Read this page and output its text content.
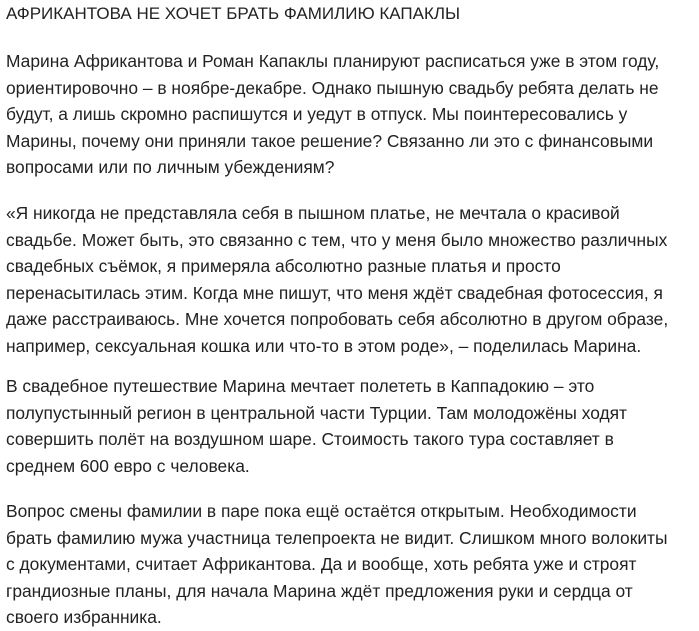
АФРИКАНТОВА НЕ ХОЧЕТ БРАТЬ ФАМИЛИЮ КАПАКЛЫ

Марина Африкантова и Роман Капаклы планируют расписаться уже в этом году,
ориентировочно – в ноябре-декабре. Однако пышную свадьбу ребята делать не
будут, а лишь скромно распишутся и уедут в отпуск. Мы поинтересовались у
Марины, почему они приняли такое решение? Связанно ли это с финансовыми
вопросами или по личным убеждениям?

«Я никогда не представляла себя в пышном платье, не мечтала о красивой
свадьбе. Может быть, это связанно с тем, что у меня было множество различных
свадебных съёмок, я примеряла абсолютно разные платья и просто
перенасытилась этим. Когда мне пишут, что меня ждёт свадебная фотосессия, я
даже расстраиваюсь. Мне хочется попробовать себя абсолютно в другом образе,
например, сексуальная кошка или что-то в этом роде», – поделилась Марина.

В свадебное путешествие Марина мечтает полететь в Каппадокию – это
полупустынный регион в центральной части Турции. Там молодожёны ходят
совершить полёт на воздушном шаре. Стоимость такого тура составляет в
среднем 600 евро с человека.

Вопрос смены фамилии в паре пока ещё остаётся открытым. Необходимости
брать фамилию мужа участница телепроекта не видит. Слишком много волокиты
с документами, считает Африкантова. Да и вообще, хоть ребята уже и строят
грандиозные планы, для начала Марина ждёт предложения руки и сердца от
своего избранника.
